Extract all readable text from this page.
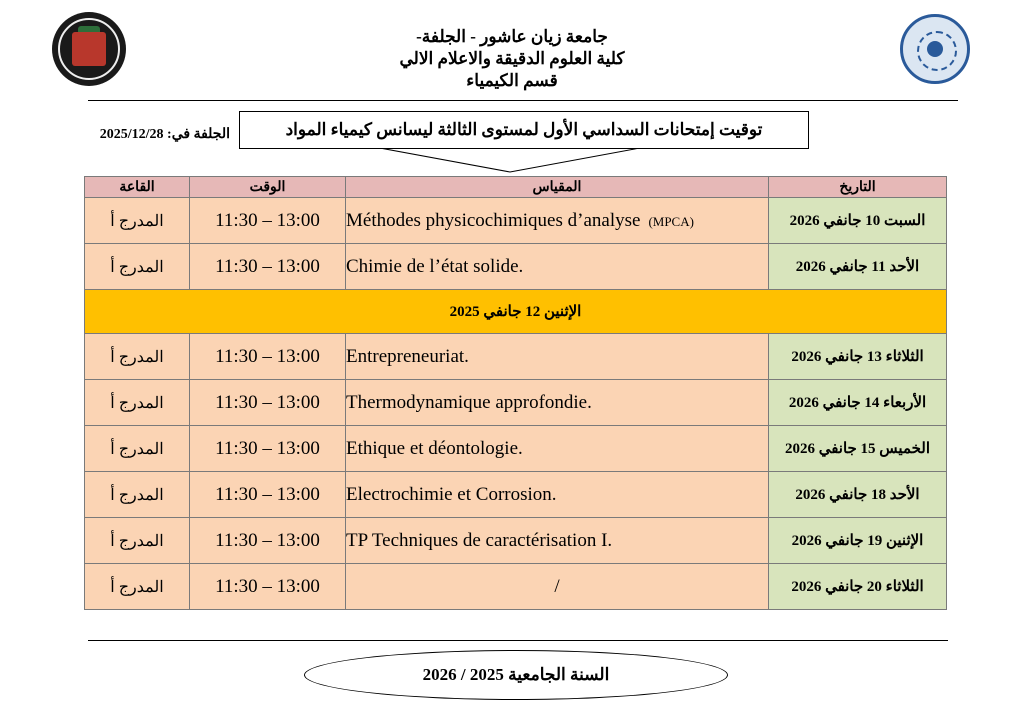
جامعة زيان عاشور - الجلفة-
كلية العلوم الدقيقة والاعلام الالي
قسم الكيمياء
الجلفة في: 2025/12/28	توقيت إمتحانات السداسي الأول لمستوى الثالثة ليسانس كيمياء المواد
القاعة	الوقت	المقياس	التاريخ
المدرج أ	11:30 – 13:00	Méthodes physicochimiques d’analyse (MPCA)	السبت 10 جانفي 2026
المدرج أ	11:30 – 13:00	Chimie de l’état solide.	الأحد 11 جانفي 2026
الإثنين 12 جانفي 2025			
المدرج أ	11:30 – 13:00	Entrepreneuriat.	الثلاثاء 13 جانفي 2026
المدرج أ	11:30 – 13:00	Thermodynamique approfondie.	الأربعاء 14 جانفي 2026
المدرج أ	11:30 – 13:00	Ethique et déontologie.	الخميس 15 جانفي 2026
المدرج أ	11:30 – 13:00	Electrochimie et Corrosion.	الأحد 18 جانفي 2026
المدرج أ	11:30 – 13:00	TP Techniques de caractérisation I.	الإثنين 19 جانفي 2026
المدرج أ	11:30 – 13:00	/	الثلاثاء 20 جانفي 2026
السنة الجامعية 2025 / 2026
